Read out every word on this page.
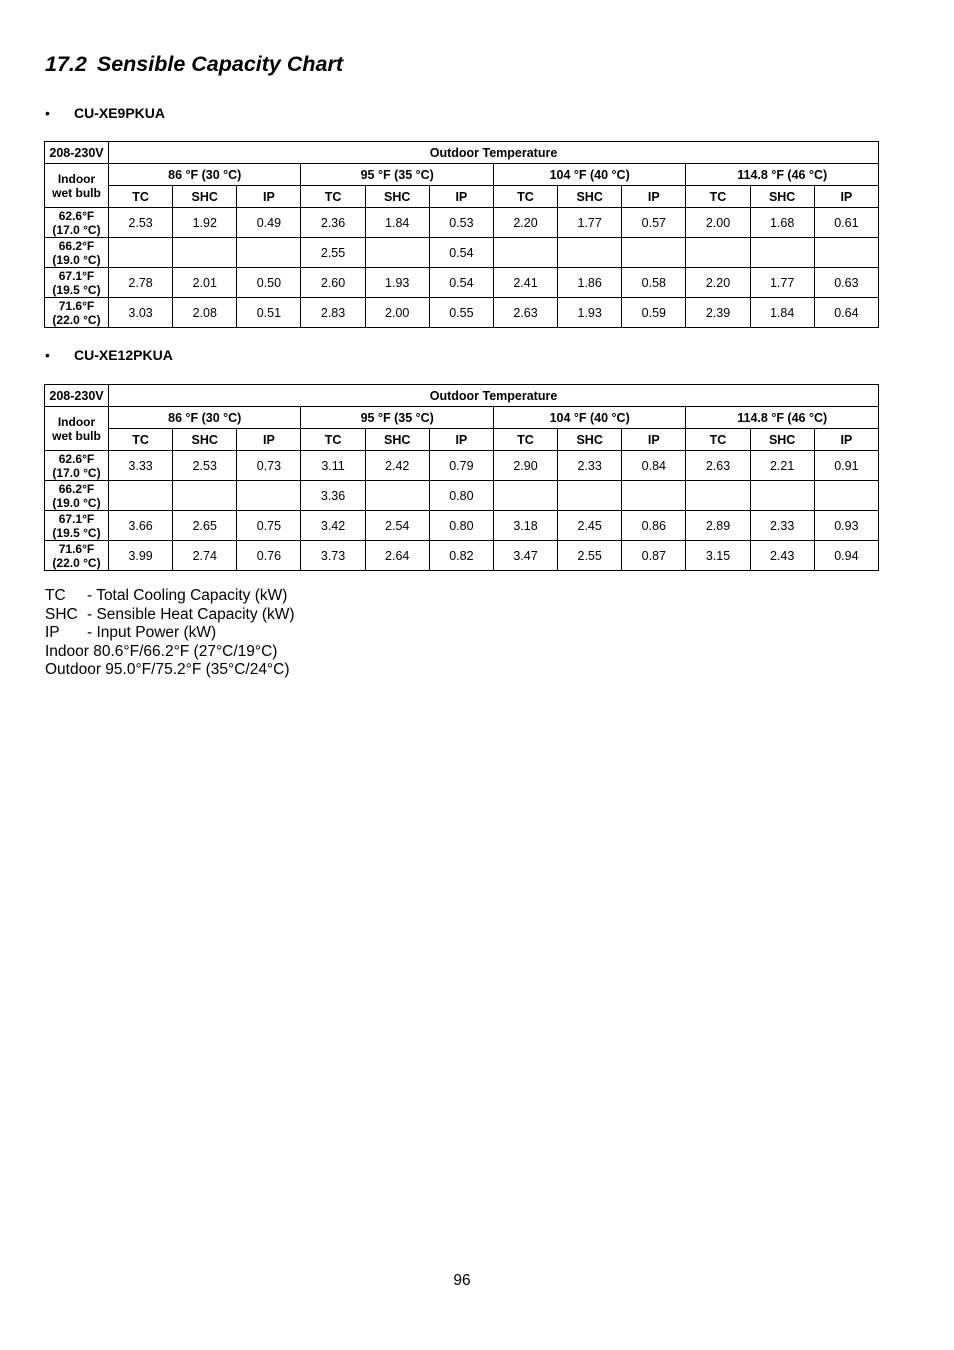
17.2 Sensible Capacity Chart
• CU-XE9PKUA
208-230V	Outdoor Temperature											
Indoor wet bulb	86 °F (30 °C)			95 °F (35 °C)			104 °F (40 °C)			114.8 °F (46 °C)		
	TC	SHC	IP	TC	SHC	IP	TC	SHC	IP	TC	SHC	IP

62.6°F
(17.0 °C)	2.53	1.92	0.49	2.36	1.84	0.53	2.20	1.77	0.57	2.00	1.68	0.61

66.2°F
(19.0 °C)				2.55		0.54						

67.1°F
(19.5 °C)	2.78	2.01	0.50	2.60	1.93	0.54	2.41	1.86	0.58	2.20	1.77	0.63

71.6°F
(22.0 °C)	3.03	2.08	0.51	2.83	2.00	0.55	2.63	1.93	0.59	2.39	1.84	0.64
• CU-XE12PKUA
208-230V	Outdoor Temperature											
Indoor wet bulb	86 °F (30 °C)			95 °F (35 °C)			104 °F (40 °C)			114.8 °F (46 °C)		
	TC	SHC	IP	TC	SHC	IP	TC	SHC	IP	TC	SHC	IP

62.6°F
(17.0 °C)	3.33	2.53	0.73	3.11	2.42	0.79	2.90	2.33	0.84	2.63	2.21	0.91

66.2°F
(19.0 °C)				3.36		0.80						

67.1°F
(19.5 °C)	3.66	2.65	0.75	3.42	2.54	0.80	3.18	2.45	0.86	2.89	2.33	0.93

71.6°F
(22.0 °C)	3.99	2.74	0.76	3.73	2.64	0.82	3.47	2.55	0.87	3.15	2.43	0.94
TC - Total Cooling Capacity (kW)
SHC - Sensible Heat Capacity (kW)
IP - Input Power (kW)
Indoor 80.6°F/66.2°F (27°C/19°C)
Outdoor 95.0°F/75.2°F (35°C/24°C)
96
